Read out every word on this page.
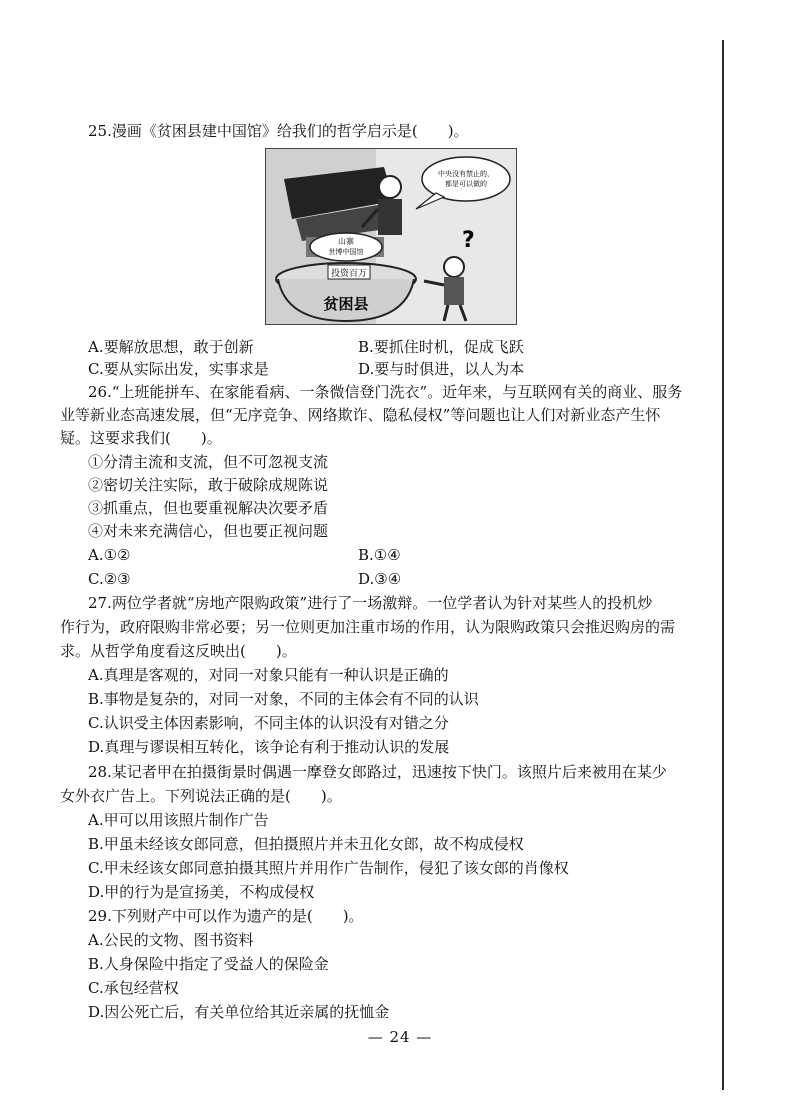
25.漫画《贫困县建中国馆》给我们的哲学启示是(　　)。
山寨
世博中国馆
投资百万
贫困县
中央没有禁止的，
都是可以做的
?
A.要解放思想，敢于创新	B.要抓住时机，促成飞跃
C.要从实际出发，实事求是	D.要与时俱进，以人为本
26.“上班能拼车、在家能看病、一条微信登门洗衣”。近年来，与互联网有关的商业、服务
业等新业态高速发展，但“无序竞争、网络欺诈、隐私侵权”等问题也让人们对新业态产生怀
疑。这要求我们(　　)。
①分清主流和支流，但不可忽视支流
②密切关注实际，敢于破除成规陈说
③抓重点，但也要重视解决次要矛盾
④对未来充满信心，但也要正视问题
A.①②	B.①④
C.②③	D.③④
27.两位学者就“房地产限购政策”进行了一场激辩。一位学者认为针对某些人的投机炒
作行为，政府限购非常必要；另一位则更加注重市场的作用，认为限购政策只会推迟购房的需
求。从哲学角度看这反映出(　　)。
A.真理是客观的，对同一对象只能有一种认识是正确的
B.事物是复杂的，对同一对象，不同的主体会有不同的认识
C.认识受主体因素影响，不同主体的认识没有对错之分
D.真理与谬误相互转化，该争论有利于推动认识的发展
28.某记者甲在拍摄街景时偶遇一摩登女郎路过，迅速按下快门。该照片后来被用在某少
女外衣广告上。下列说法正确的是(　　)。
A.甲可以用该照片制作广告
B.甲虽未经该女郎同意，但拍摄照片并未丑化女郎，故不构成侵权
C.甲未经该女郎同意拍摄其照片并用作广告制作，侵犯了该女郎的肖像权
D.甲的行为是宣扬美，不构成侵权
29.下列财产中可以作为遗产的是(　　)。
A.公民的文物、图书资料
B.人身保险中指定了受益人的保险金
C.承包经营权
D.因公死亡后，有关单位给其近亲属的抚恤金
— 24 —
